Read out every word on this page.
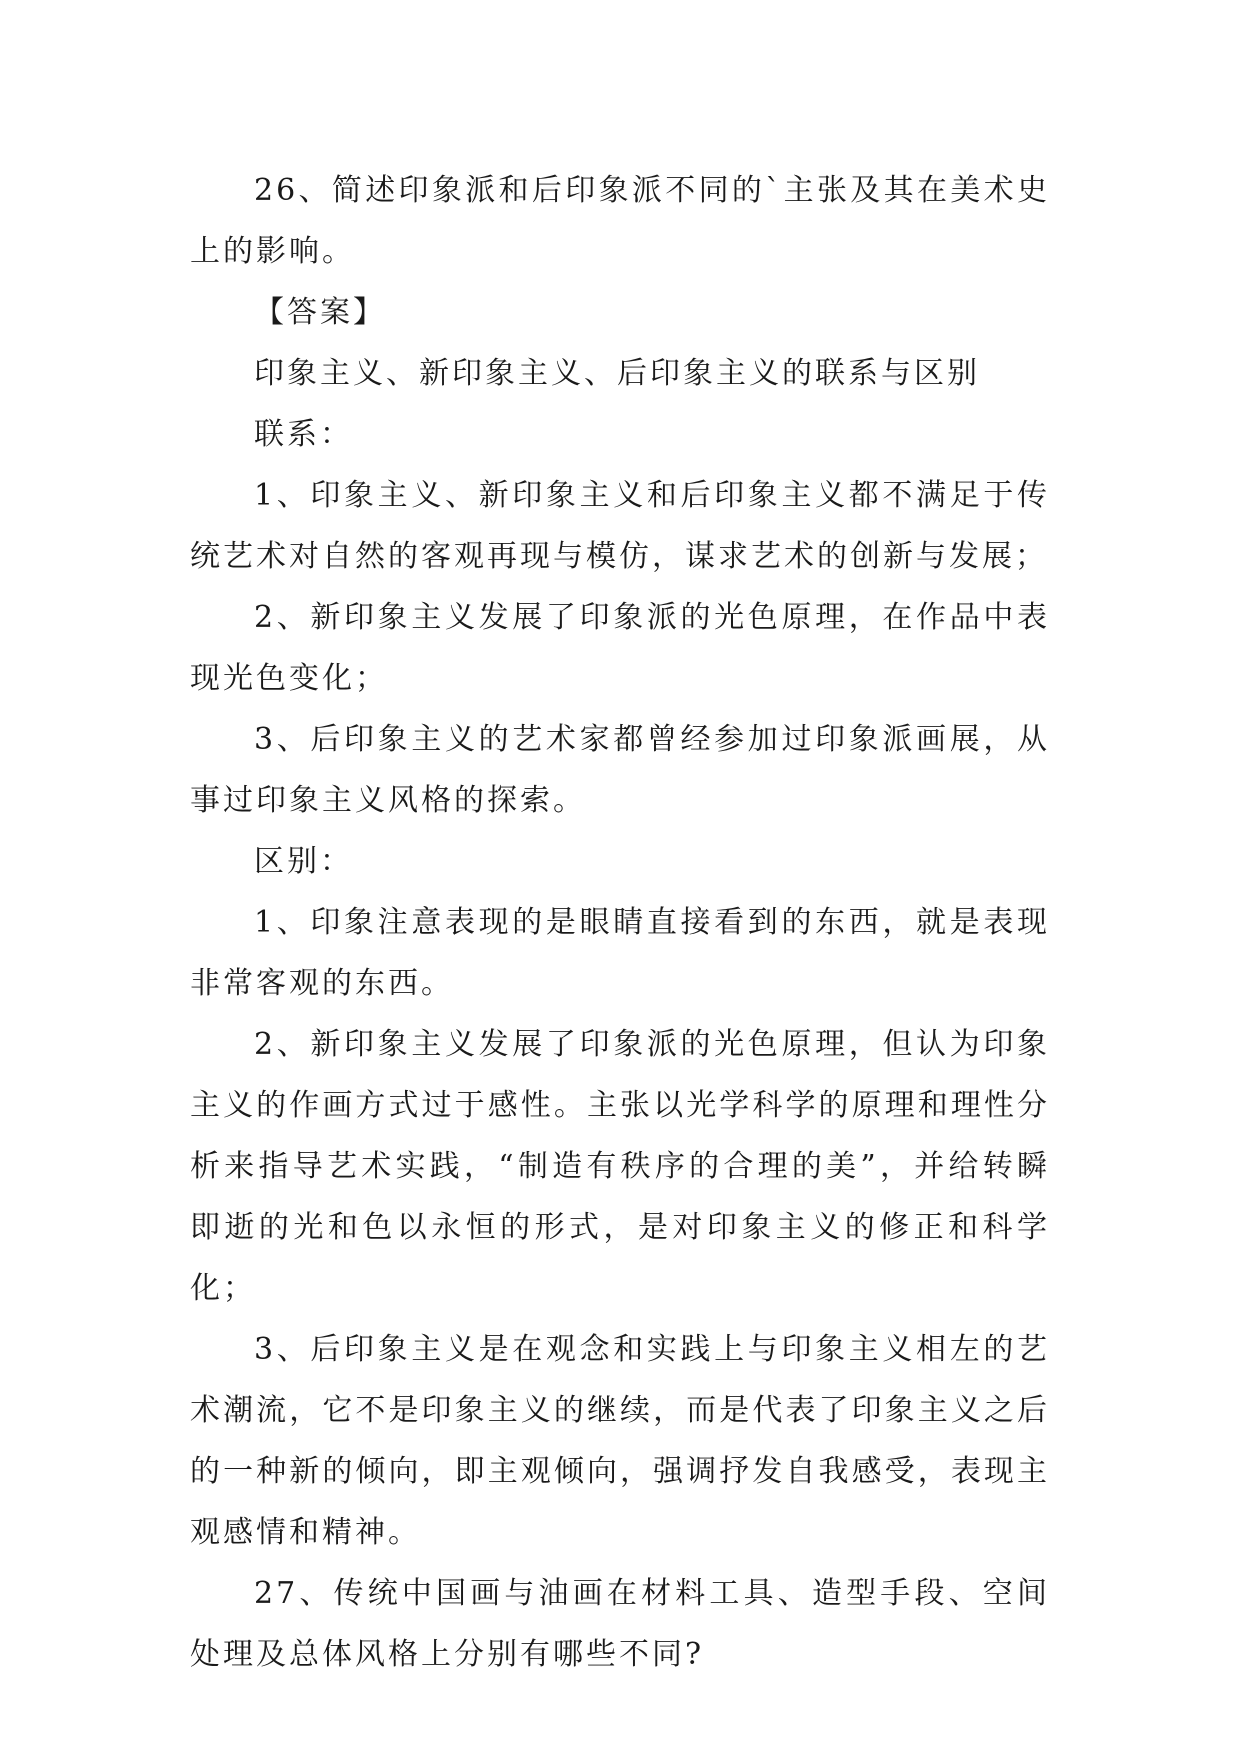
26、简述印象派和后印象派不同的`主张及其在美术史上的影响。

【答案】

印象主义、新印象主义、后印象主义的联系与区别

联系：

1、印象主义、新印象主义和后印象主义都不满足于传统艺术对自然的客观再现与模仿，谋求艺术的创新与发展；

2、新印象主义发展了印象派的光色原理，在作品中表现光色变化；

3、后印象主义的艺术家都曾经参加过印象派画展，从事过印象主义风格的探索。

区别：

1、印象注意表现的是眼睛直接看到的东西，就是表现非常客观的东西。

2、新印象主义发展了印象派的光色原理，但认为印象主义的作画方式过于感性。主张以光学科学的原理和理性分析来指导艺术实践，“制造有秩序的合理的美”，并给转瞬即逝的光和色以永恒的形式，是对印象主义的修正和科学化；

3、后印象主义是在观念和实践上与印象主义相左的艺术潮流，它不是印象主义的继续，而是代表了印象主义之后的一种新的倾向，即主观倾向，强调抒发自我感受，表现主观感情和精神。

27、传统中国画与油画在材料工具、造型手段、空间处理及总体风格上分别有哪些不同?
